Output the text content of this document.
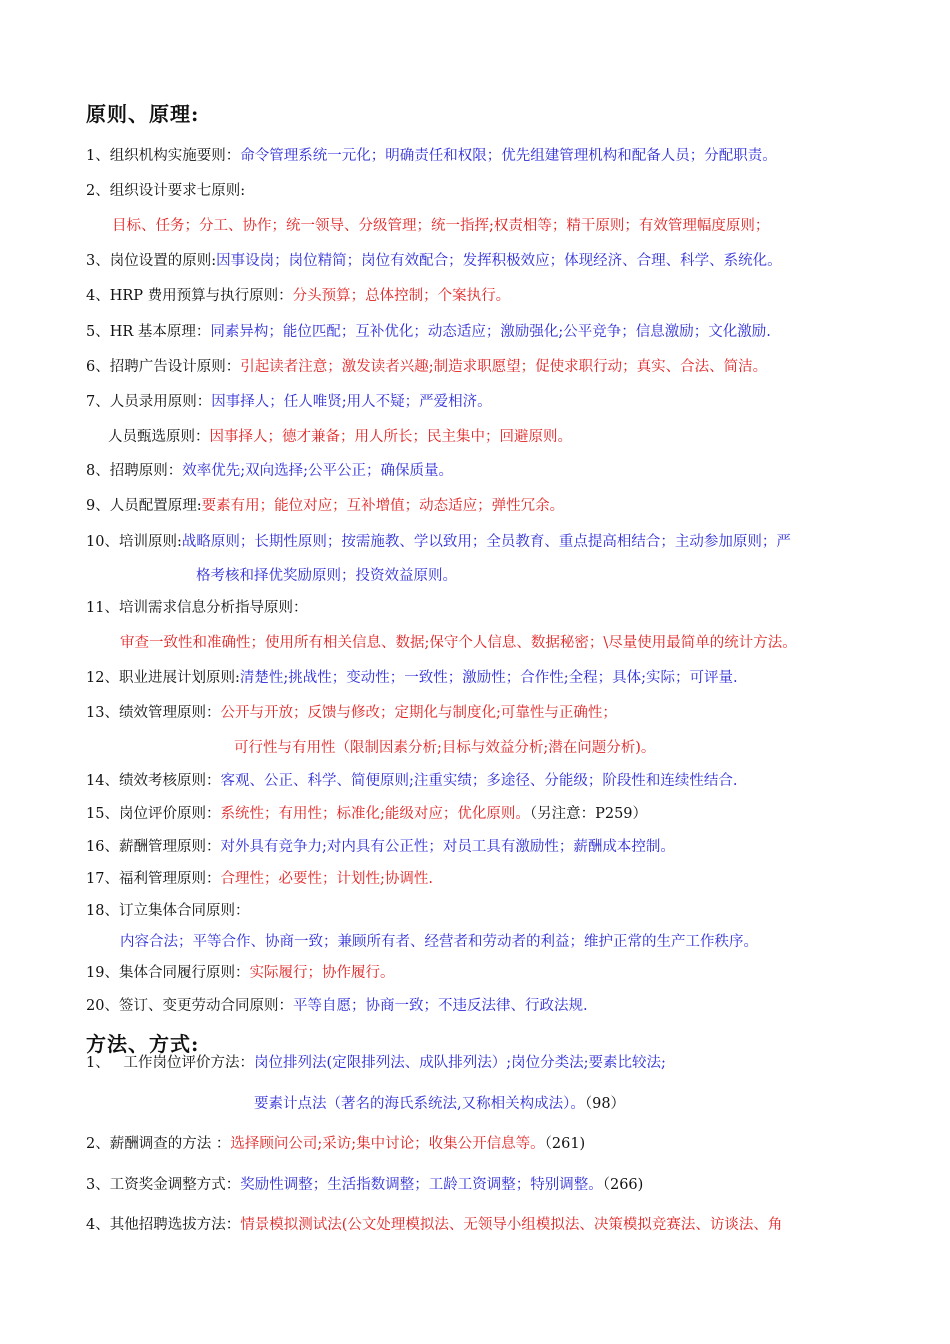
原则、原理:
1、组织机构实施要则：命令管理系统一元化；明确责任和权限；优先组建管理机构和配备人员；分配职责。
2、组织设计要求七原则:
目标、任务；分工、协作；统一领导、分级管理；统一指挥;权责相等；精干原则；有效管理幅度原则；
3、岗位设置的原则:因事设岗；岗位精简；岗位有效配合；发挥积极效应；体现经济、合理、科学、系统化。
4、HRP 费用预算与执行原则：分头预算；总体控制；个案执行。
5、HR 基本原理：同素异构；能位匹配；互补优化；动态适应；激励强化;公平竞争；信息激励；文化激励.
6、招聘广告设计原则：引起读者注意；激发读者兴趣;制造求职愿望；促使求职行动；真实、合法、简洁。
7、人员录用原则：因事择人；任人唯贤;用人不疑；严爱相济。
人员甄选原则：因事择人；德才兼备；用人所长；民主集中；回避原则。
8、招聘原则：效率优先;双向选择;公平公正；确保质量。
9、人员配置原理:要素有用；能位对应；互补增值；动态适应；弹性冗余。
10、培训原则:战略原则；长期性原则；按需施教、学以致用；全员教育、重点提高相结合；主动参加原则；严
格考核和择优奖励原则；投资效益原则。
11、培训需求信息分析指导原则：
审查一致性和准确性；使用所有相关信息、数据;保守个人信息、数据秘密；\尽量使用最简单的统计方法。
12、职业进展计划原则:清楚性;挑战性；变动性；一致性；激励性；合作性;全程；具体;实际；可评量.
13、绩效管理原则：公开与开放；反馈与修改；定期化与制度化;可靠性与正确性；
可行性与有用性（限制因素分析;目标与效益分析;潜在问题分析)。
14、绩效考核原则：客观、公正、科学、简便原则;注重实绩；多途径、分能级；阶段性和连续性结合.
15、岗位评价原则：系统性；有用性；标准化;能级对应；优化原则。（另注意：P259）
16、薪酬管理原则：对外具有竞争力;对内具有公正性；对员工具有激励性；薪酬成本控制。
17、福利管理原则：合理性；必要性；计划性;协调性.
18、订立集体合同原则：
内容合法；平等合作、协商一致；兼顾所有者、经营者和劳动者的利益；维护正常的生产工作秩序。
19、集体合同履行原则：实际履行；协作履行。
20、签订、变更劳动合同原则：平等自愿；协商一致；不违反法律、行政法规.
方法、方式:
1、   工作岗位评价方法：岗位排列法(定限排列法、成队排列法）;岗位分类法;要素比较法;
要素计点法（著名的海氏系统法,又称相关构成法）。（98）
2、薪酬调查的方法 ：选择顾问公司;采访;集中讨论；收集公开信息等。（261)
3、工资奖金调整方式：奖励性调整；生活指数调整；工龄工资调整；特别调整。（266)
4、其他招聘选拔方法：情景模拟测试法(公文处理模拟法、无领导小组模拟法、决策模拟竞赛法、访谈法、角
